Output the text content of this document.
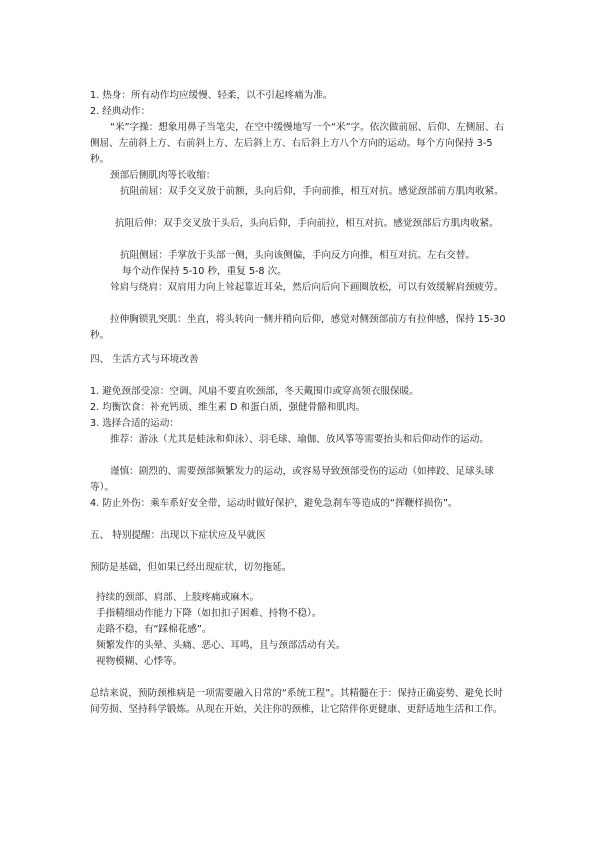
1. 热身：所有动作均应缓慢、轻柔，以不引起疼痛为准。
2. 经典动作：
“米”字操：想象用鼻子当笔尖，在空中缓慢地写一个“米”字。依次做前屈、后仰、左侧屈、右侧屈、左前斜上方、右前斜上方、左后斜上方、右后斜上方八个方向的运动。每个方向保持 3-5 秒。
颈部后侧肌肉等长收缩：
抗阻前屈：双手交叉放于前额，头向后仰，手向前推，相互对抗。感觉颈部前方肌肉收紧。
抗阻后伸：双手交叉放于头后，头向后仰，手向前拉，相互对抗。感觉颈部后方肌肉收紧。
抗阻侧屈：手掌放于头部一侧，头向该侧偏，手向反方向推，相互对抗。左右交替。
每个动作保持 5-10 秒，重复 5-8 次。
耸肩与绕肩：双肩用力向上耸起靠近耳朵，然后向后向下画圈放松，可以有效缓解肩颈疲劳。
拉伸胸锁乳突肌：坐直，将头转向一侧并稍向后仰，感觉对侧颈部前方有拉伸感，保持 15-30 秒。
四、 生活方式与环境改善
1. 避免颈部受凉：空调、风扇不要直吹颈部，冬天戴围巾或穿高领衣服保暖。
2. 均衡饮食：补充钙质、维生素 D 和蛋白质，强健骨骼和肌肉。
3. 选择合适的运动：
推荐：游泳（尤其是蛙泳和仰泳）、羽毛球、瑜伽、放风筝等需要抬头和后仰动作的运动。
谨慎：剧烈的、需要颈部频繁发力的运动，或容易导致颈部受伤的运动（如摔跤、足球头球等）。
4. 防止外伤：乘车系好安全带，运动时做好保护，避免急刹车等造成的“挥鞭样损伤”。
五、 特别提醒：出现以下症状应及早就医
预防是基础，但如果已经出现症状，切勿拖延。
持续的颈部、肩部、上肢疼痛或麻木。
手指精细动作能力下降（如扣扣子困难、持物不稳）。
走路不稳，有“踩棉花感”。
频繁发作的头晕、头痛、恶心、耳鸣，且与颈部活动有关。
视物模糊、心悸等。
总结来说，预防颈椎病是一项需要融入日常的“系统工程”。其精髓在于：保持正确姿势、避免长时间劳损、坚持科学锻炼。从现在开始，关注你的颈椎，让它陪伴你更健康、更舒适地生活和工作。
